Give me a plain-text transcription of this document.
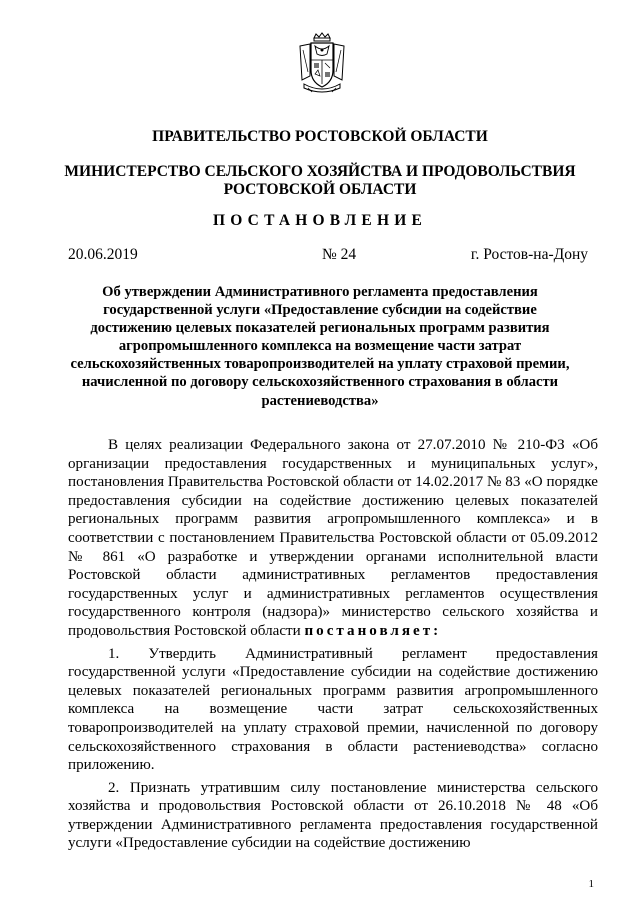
ПРАВИТЕЛЬСТВО РОСТОВСКОЙ ОБЛАСТИ
МИНИСТЕРСТВО СЕЛЬСКОГО ХОЗЯЙСТВА И ПРОДОВОЛЬСТВИЯ РОСТОВСКОЙ ОБЛАСТИ
ПОСТАНОВЛЕНИЕ
20.06.2019	№ 24	г. Ростов-на-Дону
Об утверждении Административного регламента предоставления государственной услуги «Предоставление субсидии на содействие достижению целевых показателей региональных программ развития агропромышленного комплекса на возмещение части затрат сельскохозяйственных товаропроизводителей на уплату страховой премии, начисленной по договору сельскохозяйственного страхования в области растениеводства»

В целях реализации Федерального закона от 27.07.2010 № 210-ФЗ «Об организации предоставления государственных и муниципальных услуг», постановления Правительства Ростовской области от 14.02.2017 № 83 «О порядке предоставления субсидии на содействие достижению целевых показателей региональных программ развития агропромышленного комплекса» и в соответствии с постановлением Правительства Ростовской области от 05.09.2012 № 861 «О разработке и утверждении органами исполнительной власти Ростовской области административных регламентов предоставления государственных услуг и административных регламентов осуществления государственного контроля (надзора)» министерство сельского хозяйства и продовольствия Ростовской области постановляет:

1. Утвердить Административный регламент предоставления государственной услуги «Предоставление субсидии на содействие достижению целевых показателей региональных программ развития агропромышленного комплекса на возмещение части затрат сельскохозяйственных товаропроизводителей на уплату страховой премии, начисленной по договору сельскохозяйственного страхования в области растениеводства» согласно приложению.

2. Признать утратившим силу постановление министерства сельского хозяйства и продовольствия Ростовской области от 26.10.2018 № 48 «Об утверждении Административного регламента предоставления государственной услуги «Предоставление субсидии на содействие достижению

1
